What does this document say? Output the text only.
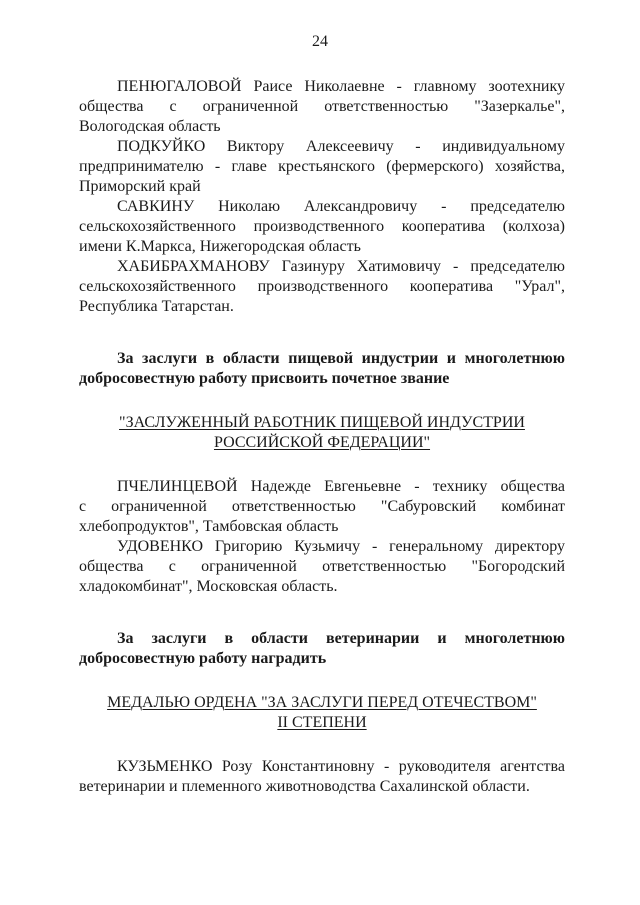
24

ПЕНЮГАЛОВОЙ Раисе Николаевне - главному зоотехнику
общества с ограниченной ответственностью "Зазеркалье",
Вологодская область

ПОДКУЙКО Виктору Алексеевичу - индивидуальному
предпринимателю - главе крестьянского (фермерского) хозяйства,
Приморский край

САВКИНУ Николаю Александровичу - председателю
сельскохозяйственного производственного кооператива (колхоза)
имени К.Маркса, Нижегородская область

ХАБИБРАХМАНОВУ Газинуру Хатимовичу - председателю
сельскохозяйственного производственного кооператива "Урал",
Республика Татарстан.

За заслуги в области пищевой индустрии и многолетнюю
добросовестную работу присвоить почетное звание

"ЗАСЛУЖЕННЫЙ РАБОТНИК ПИЩЕВОЙ ИНДУСТРИИ
РОССИЙСКОЙ ФЕДЕРАЦИИ"

ПЧЕЛИНЦЕВОЙ Надежде Евгеньевне - технику общества
с ограниченной ответственностью "Сабуровский комбинат
хлебопродуктов", Тамбовская область

УДОВЕНКО Григорию Кузьмичу - генеральному директору
общества с ограниченной ответственностью "Богородский
хладокомбинат", Московская область.

За заслуги в области ветеринарии и многолетнюю
добросовестную работу наградить

МЕДАЛЬЮ ОРДЕНА "ЗА ЗАСЛУГИ ПЕРЕД ОТЕЧЕСТВОМ"
II СТЕПЕНИ

КУЗЬМЕНКО Розу Константиновну - руководителя агентства
ветеринарии и племенного животноводства Сахалинской области.
